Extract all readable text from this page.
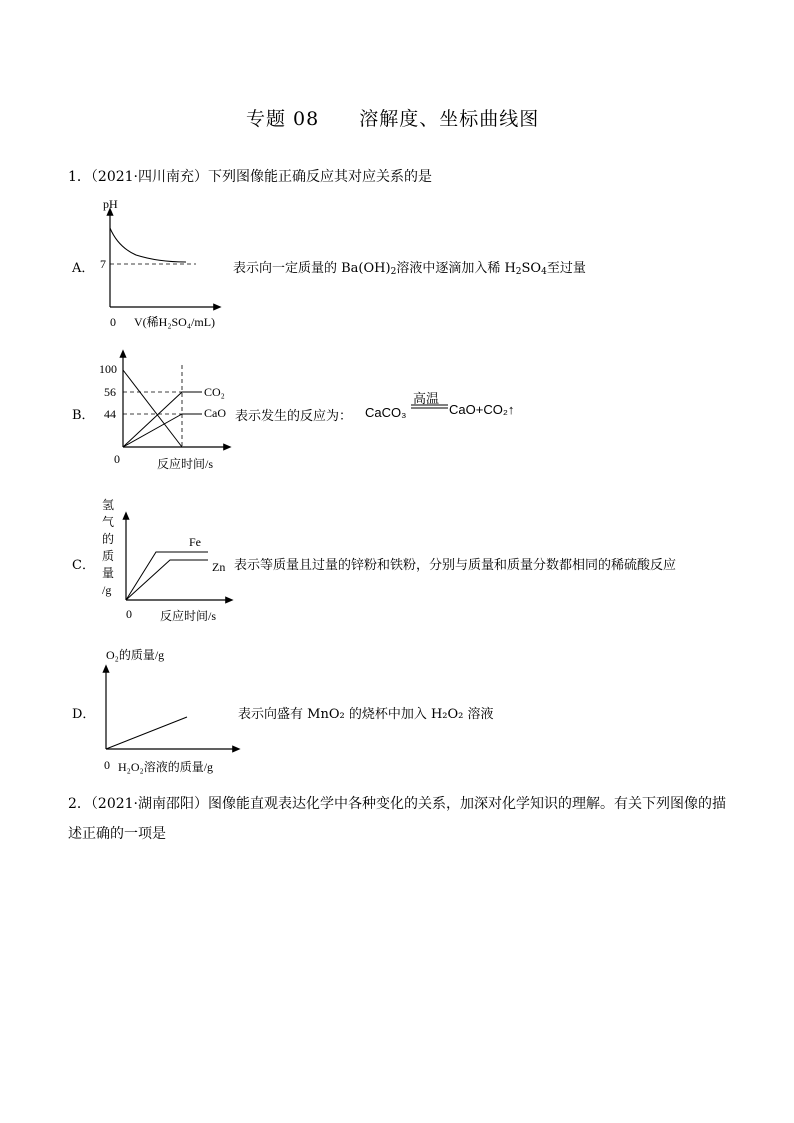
专题 08　　溶解度、坐标曲线图
1．（2021·四川南充）下列图像能正确反应其对应关系的是
A．
pH
7
0 V(稀H₂SO₄/mL)
表示向一定质量的 $Ba(OH)_2$溶液中逐滴加入稀 $H_2SO_4$至过量
B．
100
56
44
0	反应时间/s
CO₂
CaO 表示发生的反应为： CaCO₃
高温
CaO+CO₂↑
C．
氢
气
的
质
量
/g
Fe
Zn
0 反应时间/s
表示等质量且过量的锌粉和铁粉，分别与质量和质量分数都相同的稀硫酸反应
D．
O₂的质量/g
0 H₂O₂溶液的质量/g
表示向盛有 MnO₂ 的烧杯中加入 H₂O₂ 溶液
2．（2021·湖南邵阳）图像能直观表达化学中各种变化的关系，加深对化学知识的理解。有关下列图像的描
述正确的一项是
